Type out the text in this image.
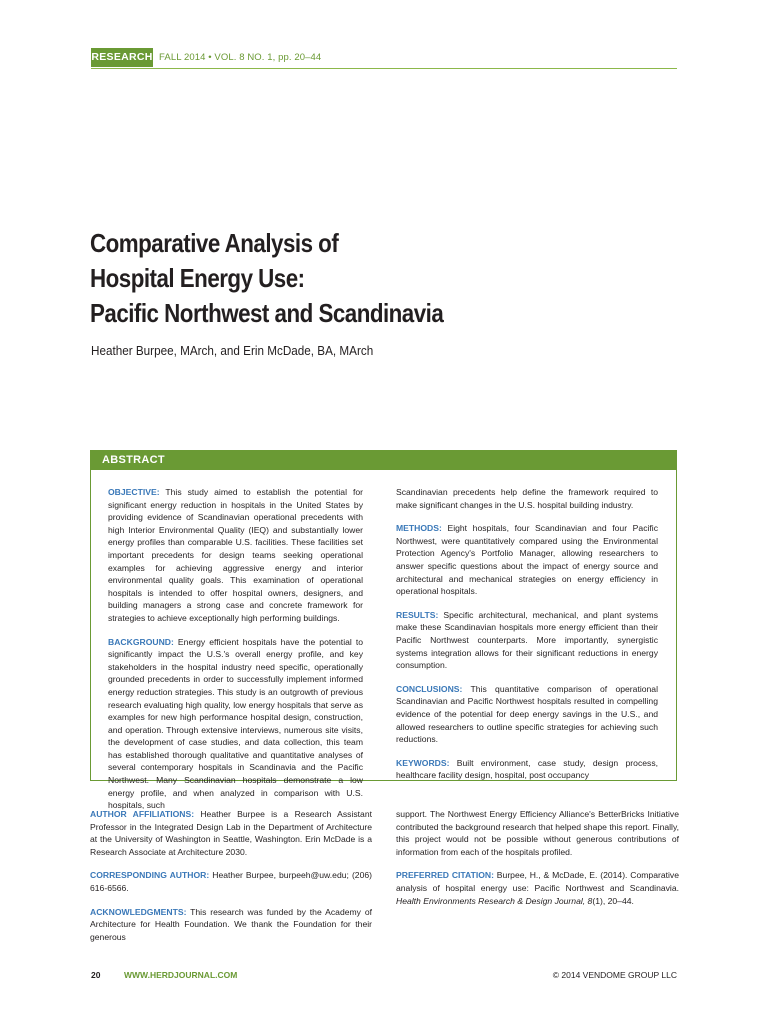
RESEARCH FALL 2014 • VOL. 8 NO. 1, pp. 20–44
Comparative Analysis of
Hospital Energy Use:
Pacific Northwest and Scandinavia
Heather Burpee, MArch, and Erin McDade, BA, MArch
ABSTRACT

OBJECTIVE: This study aimed to establish the potential for significant energy reduction in hospitals in the United States by providing evidence of Scandinavian operational precedents with high Interior Environmental Quality (IEQ) and substantially lower energy profiles than comparable U.S. facilities. These facilities set important precedents for design teams seeking operational examples for achieving aggressive energy and interior environmental quality goals. This examination of operational hospitals is intended to offer hospital owners, designers, and building managers a strong case and concrete framework for strategies to achieve exceptionally high performing buildings.

BACKGROUND: Energy efficient hospitals have the potential to significantly impact the U.S.'s overall energy profile, and key stakeholders in the hospital industry need specific, operationally grounded precedents in order to successfully implement informed energy reduction strategies. This study is an outgrowth of previous research evaluating high quality, low energy hospitals that serve as examples for new high performance hospital design, construction, and operation. Through extensive interviews, numerous site visits, the development of case studies, and data collection, this team has established thorough qualitative and quantitative analyses of several contemporary hospitals in Scandinavia and the Pacific Northwest. Many Scandinavian hospitals demonstrate a low energy profile, and when analyzed in comparison with U.S. hospitals, such

Scandinavian precedents help define the framework required to make significant changes in the U.S. hospital building industry.

METHODS: Eight hospitals, four Scandinavian and four Pacific Northwest, were quantitatively compared using the Environmental Protection Agency's Portfolio Manager, allowing researchers to answer specific questions about the impact of energy source and architectural and mechanical strategies on energy efficiency in operational hospitals.

RESULTS: Specific architectural, mechanical, and plant systems make these Scandinavian hospitals more energy efficient than their Pacific Northwest counterparts. More importantly, synergistic systems integration allows for their significant reductions in energy consumption.

CONCLUSIONS: This quantitative comparison of operational Scandinavian and Pacific Northwest hospitals resulted in compelling evidence of the potential for deep energy savings in the U.S., and allowed researchers to outline specific strategies for achieving such reductions.

KEYWORDS: Built environment, case study, design process, healthcare facility design, hospital, post occupancy

AUTHOR AFFILIATIONS: Heather Burpee is a Research Assistant Professor in the Integrated Design Lab in the Department of Architecture at the University of Washington in Seattle, Washington. Erin McDade is a Research Associate at Architecture 2030.

CORRESPONDING AUTHOR: Heather Burpee, burpeeh@uw.edu; (206) 616-6566.

ACKNOWLEDGMENTS: This research was funded by the Academy of Architecture for Health Foundation. We thank the Foundation for their generous

support. The Northwest Energy Efficiency Alliance's BetterBricks Initiative contributed the background research that helped shape this report. Finally, this project would not be possible without generous contributions of information from each of the hospitals profiled.

PREFERRED CITATION: Burpee, H., & McDade, E. (2014). Comparative analysis of hospital energy use: Pacific Northwest and Scandinavia. Health Environments Research & Design Journal, 8(1), 20–44.

20	WWW.HERDJOURNAL.COM	© 2014 VENDOME GROUP LLC
